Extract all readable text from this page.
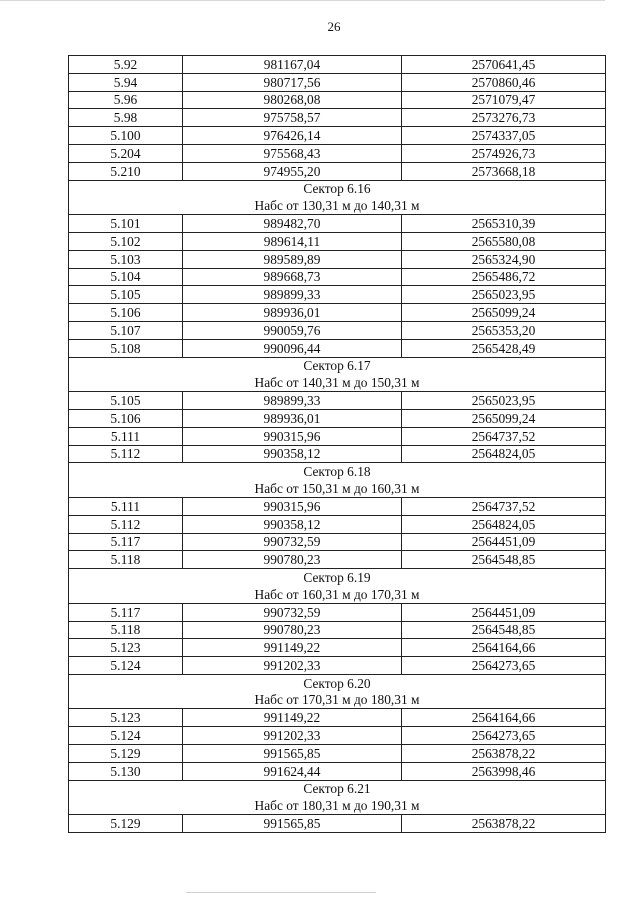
26
5.92	981167,04	2570641,45
5.94	980717,56	2570860,46
5.96	980268,08	2571079,47
5.98	975758,57	2573276,73
5.100	976426,14	2574337,05
5.204	975568,43	2574926,73
5.210	974955,20	2573668,18
Сектор 6.16		
Набс от 130,31 м до 140,31 м		
5.101	989482,70	2565310,39
5.102	989614,11	2565580,08
5.103	989589,89	2565324,90
5.104	989668,73	2565486,72
5.105	989899,33	2565023,95
5.106	989936,01	2565099,24
5.107	990059,76	2565353,20
5.108	990096,44	2565428,49
Сектор 6.17		
Набс от 140,31 м до 150,31 м		
5.105	989899,33	2565023,95
5.106	989936,01	2565099,24
5.111	990315,96	2564737,52
5.112	990358,12	2564824,05
Сектор 6.18		
Набс от 150,31 м до 160,31 м		
5.111	990315,96	2564737,52
5.112	990358,12	2564824,05
5.117	990732,59	2564451,09
5.118	990780,23	2564548,85
Сектор 6.19		
Набс от 160,31 м до 170,31 м		
5.117	990732,59	2564451,09
5.118	990780,23	2564548,85
5.123	991149,22	2564164,66
5.124	991202,33	2564273,65
Сектор 6.20		
Набс от 170,31 м до 180,31 м		
5.123	991149,22	2564164,66
5.124	991202,33	2564273,65
5.129	991565,85	2563878,22
5.130	991624,44	2563998,46
Сектор 6.21		
Набс от 180,31 м до 190,31 м		
5.129	991565,85	2563878,22
